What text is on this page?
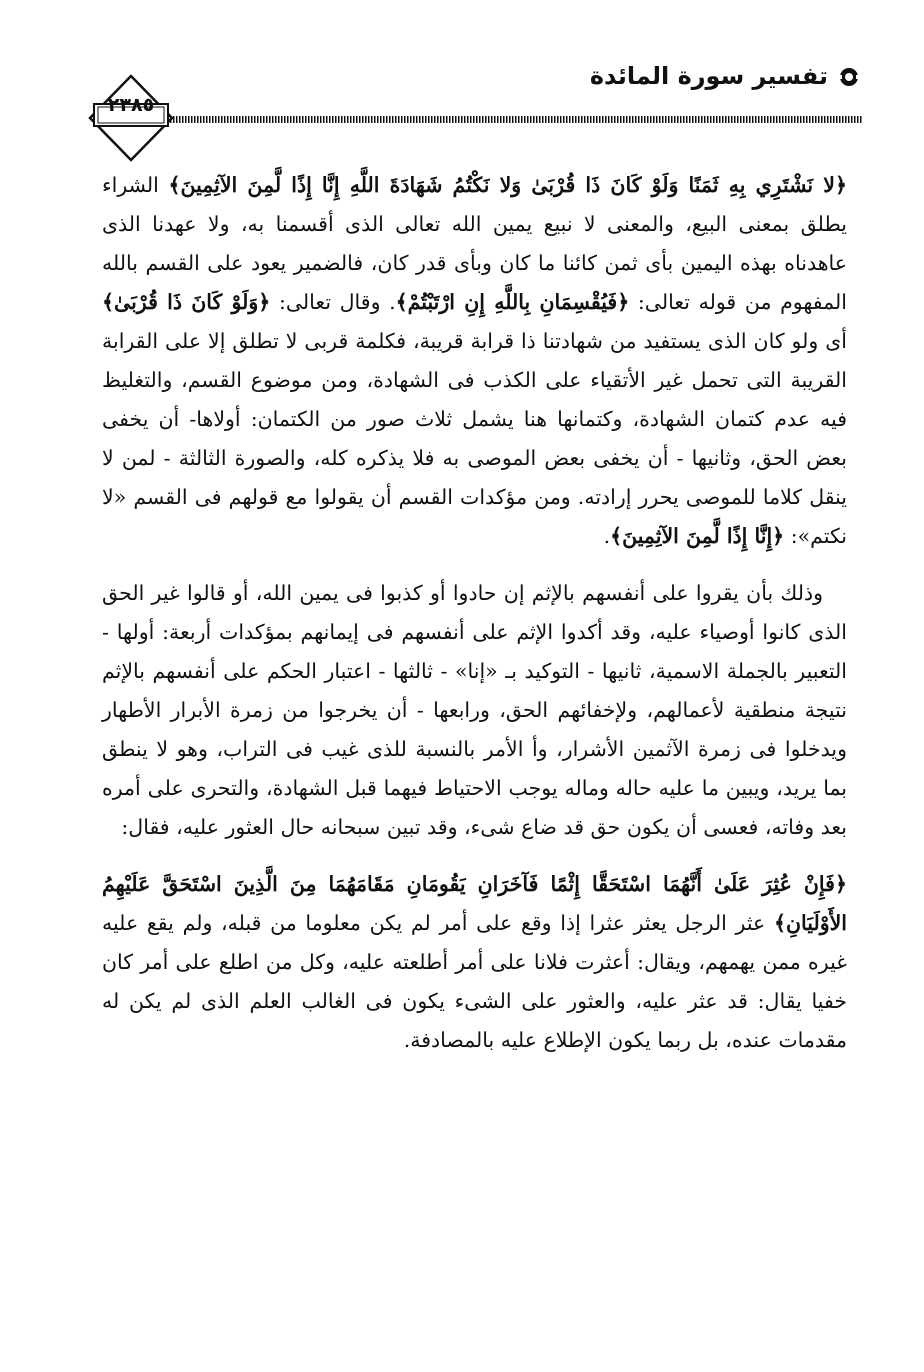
تفسير سورة المائدة
٢٣٨٥

﴿لا نَشْتَرِي بِهِ ثَمَنًا وَلَوْ كَانَ ذَا قُرْبَىٰ وَلا نَكْتُمُ شَهَادَةَ اللَّهِ إِنَّا إِذًا لَّمِنَ الآثِمِينَ﴾ الشراء يطلق بمعنى البيع، والمعنى لا نبيع يمين الله تعالى الذى أقسمنا به، ولا عهدنا الذى عاهدناه بهذه اليمين بأى ثمن كائنا ما كان وبأى قدر كان، فالضمير يعود على القسم بالله المفهوم من قوله تعالى: ﴿فَيُقْسِمَانِ بِاللَّهِ إِنِ ارْتَبْتُمْ﴾. وقال تعالى: ﴿وَلَوْ كَانَ ذَا قُرْبَىٰ﴾ أى ولو كان الذى يستفيد من شهادتنا ذا قرابة قريبة، فكلمة قربى لا تطلق إلا على القرابة القريبة التى تحمل غير الأتقياء على الكذب فى الشهادة، ومن موضوع القسم، والتغليظ فيه عدم كتمان الشهادة، وكتمانها هنا يشمل ثلاث صور من الكتمان: أولاها- أن يخفى بعض الحق، وثانيها - أن يخفى بعض الموصى به فلا يذكره كله، والصورة الثالثة - لمن لا ينقل كلاما للموصى يحرر إرادته. ومن مؤكدات القسم أن يقولوا مع قولهم فى القسم «لا نكتم»: ﴿إِنَّا إِذًا لَّمِنَ الآثِمِينَ﴾.

وذلك بأن يقروا على أنفسهم بالإثم إن حادوا أو كذبوا فى يمين الله، أو قالوا غير الحق الذى كانوا أوصياء عليه، وقد أكدوا الإثم على أنفسهم فى إيمانهم بمؤكدات أربعة: أولها - التعبير بالجملة الاسمية، ثانيها - التوكيد بـ «إنا» - ثالثها - اعتبار الحكم على أنفسهم بالإثم نتيجة منطقية لأعمالهم، ولإخفائهم الحق، ورابعها - أن يخرجوا من زمرة الأبرار الأطهار ويدخلوا فى زمرة الآثمين الأشرار، وأ الأمر بالنسبة للذى غيب فى التراب، وهو لا ينطق بما يريد، ويبين ما عليه حاله وماله يوجب الاحتياط فيهما قبل الشهادة، والتحرى على أمره بعد وفاته، فعسى أن يكون حق قد ضاع شىء، وقد تبين سبحانه حال العثور عليه، فقال:

﴿فَإِنْ عُثِرَ عَلَىٰ أَنَّهُمَا اسْتَحَقَّا إِثْمًا فَآخَرَانِ يَقُومَانِ مَقَامَهُمَا مِنَ الَّذِينَ اسْتَحَقَّ عَلَيْهِمُ الأَوْلَيَانِ﴾ عثر الرجل يعثر عثرا إذا وقع على أمر لم يكن معلوما من قبله، ولم يقع عليه غيره ممن يهمهم، ويقال: أعثرت فلانا على أمر أطلعته عليه، وكل من اطلع على أمر كان خفيا يقال: قد عثر عليه، والعثور على الشىء يكون فى الغالب العلم الذى لم يكن له مقدمات عنده، بل ربما يكون الإطلاع عليه بالمصادفة.
